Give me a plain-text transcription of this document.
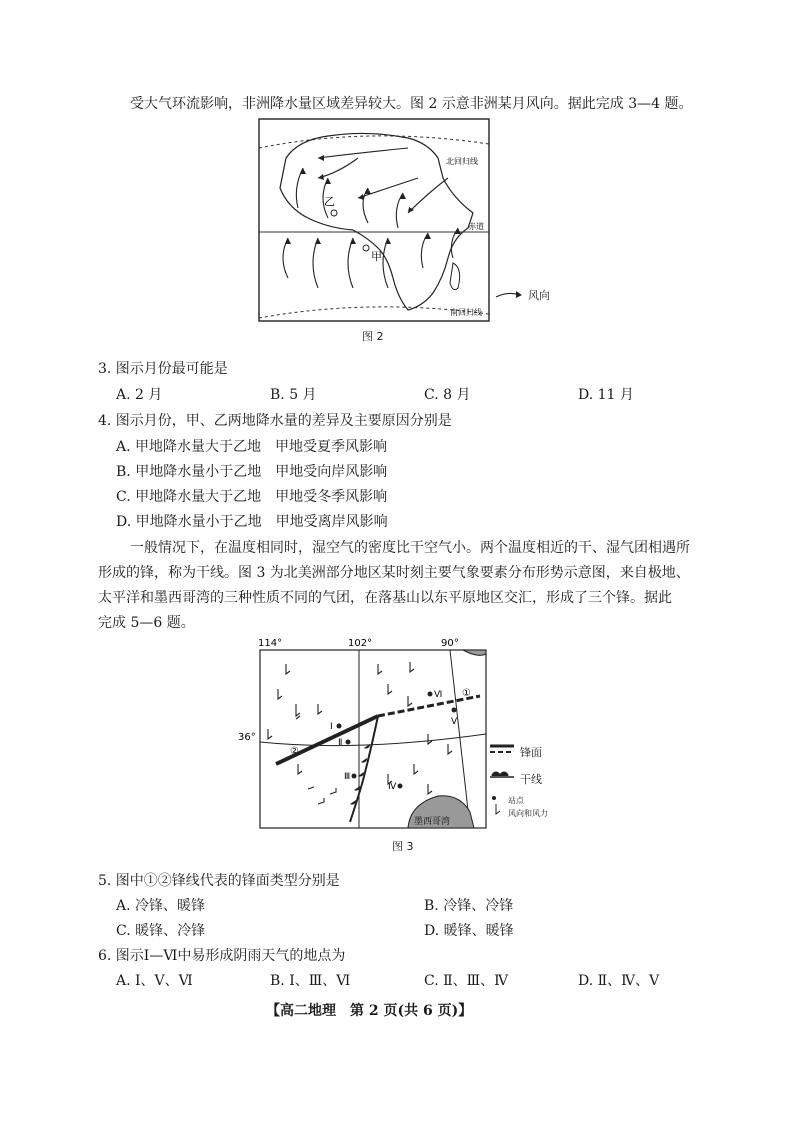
受大气环流影响，非洲降水量区域差异较大。图 2 示意非洲某月风向。据此完成 3—4 题。
乙
甲
北回归线
赤道
南回归线
风向
图 2
3. 图示月份最可能是
A. 2 月	B. 5 月	C. 8 月	D. 11 月
4. 图示月份，甲、乙两地降水量的差异及主要原因分别是
A. 甲地降水量大于乙地　甲地受夏季风影响
B. 甲地降水量小于乙地　甲地受向岸风影响
C. 甲地降水量大于乙地　甲地受冬季风影响
D. 甲地降水量小于乙地　甲地受离岸风影响
一般情况下，在温度相同时，湿空气的密度比干空气小。两个温度相近的干、湿气团相遇所
形成的锋，称为干线。图 3 为北美洲部分地区某时刻主要气象要素分布形势示意图，来自极地、
太平洋和墨西哥湾的三种性质不同的气团，在落基山以东平原地区交汇，形成了三个锋。据此
完成 5—6 题。
114°	102°	90°
36°
墨西哥湾
②
①
Ⅰ
Ⅱ
Ⅲ
Ⅳ
Ⅴ
Ⅵ
锋面
干线
站点
风向和风力
图 3
5. 图中①②锋线代表的锋面类型分别是
A. 冷锋、暖锋	B. 冷锋、冷锋
C. 暖锋、冷锋	D. 暖锋、暖锋
6. 图示Ⅰ—Ⅵ中易形成阴雨天气的地点为
A. Ⅰ、Ⅴ、Ⅵ	B. Ⅰ、Ⅲ、Ⅵ	C. Ⅱ、Ⅲ、Ⅳ	D. Ⅱ、Ⅳ、Ⅴ
【高二地理　第 2 页(共 6 页)】
